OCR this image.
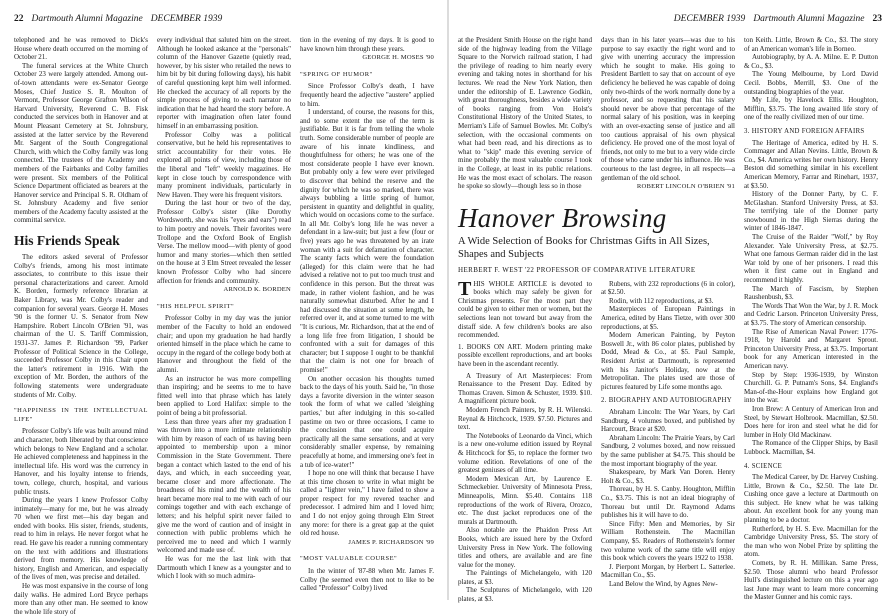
22 Dartmouth Alumni Magazine DECEMBER 1939

telephoned and he was removed to Dick's House where death occurred on the morning of October 21.

The funeral services at the White Church October 23 were largely attended. Among out-of-town attendants were ex-Senator George Moses, Chief Justice S. R. Moulton of Vermont, Professor George Grafton Wilson of Harvard University, Reverend C. B. Fisk conducted the services both in Hanover and at Mount Pleasant Cemetery at St. Johnsbury, assisted at the latter service by the Reverend Mr. Sargent of the South Congregational Church, with which the Colby family was long connected. The trustees of the Academy and members of the Fairbanks and Colby families were present. Six members of the Political Science Department officiated as bearers at the Hanover service and Principal S. R. Oldham of St. Johnsbury Academy and five senior members of the Academy faculty assisted at the committal service.

His Friends Speak

The editors asked several of Professor Colby's friends, among his most intimate associates, to contribute to this issue their personal characterizations and career. Arnold K. Borden, formerly reference librarian at Baker Library, was Mr. Colby's reader and companion for several years. George H. Moses '90 is the former U. S. Senator from New Hampshire. Robert Lincoln O'Brien '91, was chairman of the U. S. Tariff Commission, 1931-37. James P. Richardson '99, Parker Professor of Political Science in the College, succeeded Professor Colby in this Chair upon the latter's retirement in 1916. With the exception of Mr. Borden, the authors of the following statements were undergraduate students of Mr. Colby.

"HAPPINESS IN THE INTELLECTUAL LIFE"

Professor Colby's life was built around mind and character, both liberated by that conscience which belongs to New England and a scholar. He achieved completeness and happiness in the intellectual life. His word was the currency in Hanover, and his loyalty intense to friends, town, college, church, hospital, and various public trusts.

During the years I knew Professor Colby intimately—many for me, but he was already 70 when we first met—his day began and ended with books. His sister, friends, students, read to him in relays. He never forgot what he read. He gave his reader a running commentary on the text with additions and illustrations derived from memory. His knowledge of history, English and American, and especially of the lives of men, was precise and detailed.

He was most expansive in the course of long daily walks. He admired Lord Bryce perhaps more than any other man. He seemed to know the whole life story of

every individual that saluted him on the street. Although he looked askance at the "personals" column of the Hanover Gazette (quietly read, however, by his sister who retailed the news to him bit by bit during following days), his habit of careful questioning kept him well informed. He checked the accuracy of all reports by the simple process of giving to each narrator no indication that he had heard the story before. A reporter with imagination often later found himself in an embarrassing position.

Professor Colby was a political conservative, but he held his representatives to strict accountability for their votes. He explored all points of view, including those of the liberal and "left" weekly magazines. He kept in close touch by correspondence with many prominent individuals, particularly in New Haven. They were his frequent visitors.

During the last hour or two of the day, Professor Colby's sister (like Dorothy Wordsworth, she was his "eyes and ears") read to him poetry and novels. Their favorites were Trollope and the Oxford Book of English Verse. The mellow mood—with plenty of good humor and many stories—which then settled on the house at 3 Elm Street revealed the lesser known Professor Colby who had sincere affection for friends and community.

ARNOLD K. BORDEN

"HIS HELPFUL SPIRIT"

Professor Colby in my day was the junior member of the Faculty to hold an endowed chair; and upon my graduation he had hardly oriented himself in the place which he came to occupy in the regard of the college body both at Hanover and throughout the field of the alumni.

As an instructor he was more compelling than inspiring; and he seems to me to have fitted well into that phrase which has lately been applied to Lord Halifax: simple to the point of being a bit professorial.

Less than three years after my graduation I was thrown into a more intimate relationship with him by reason of each of us having been appointed to membership upon a minor Commission in the State Government. There began a contact which lasted to the end of his days, and which, in each succeeding year, became closer and more affectionate. The broadness of his mind and the wealth of his heart became more real to me with each of our comings together and with each exchange of letters; and his helpful spirit never failed to give me the word of caution and of insight in connection with public problems which he perceived me to need and which I warmly welcomed and made use of.

He was for me the last link with that Dartmouth which I knew as a youngster and to which I look with so much admira-

tion in the evening of my days. It is good to have known him through these years.

GEORGE H. MOSES '90

"SPRING OF HUMOR"

Since Professor Colby's death, I have frequently heard the adjective "austere" applied to him.

I understand, of course, the reasons for this, and to some extent the use of the term is justifiable. But it is far from telling the whole truth. Some considerable number of people are aware of his innate kindliness, and thoughtfulness for others; he was one of the most considerate people I have ever known. But probably only a few were ever privileged to discover that behind the reserve and the dignity for which he was so marked, there was always bubbling a little spring of humor, persistent in quantity and delightful in quality, which would on occasions come to the surface. In all Mr. Colby's long life he was never a defendant in a law-suit; but just a few (four or five) years ago he was threatened by an irate woman with a suit for defamation of character. The scanty facts which were the foundation (alleged) for this claim were that he had advised a relative not to put too much trust and confidence in this person. But the threat was made, in rather violent fashion, and he was naturally somewhat disturbed. After he and I had discussed the situation at some length, he referred over it, and at some turned to me with "It is curious, Mr. Richardson, that at the end of a long life free from litigation, I should be confronted with a suit for damages of this character; but I suppose I ought to be thankful that the claim is not one for breach of promise!"

On another occasion his thoughts turned back to the days of his youth. Said he, "in those days a favorite diversion in the winter season took the form of what we called 'sleighing parties,' but after indulging in this so-called pastime on two or three occasions, I came to the conclusion that one could acquire practically all the same sensations, and at very considerably smaller expense, by remaining peacefully at home, and immersing one's feet in a tub of ice-water!"

I hope no one will think that because I have at this time chosen to write in what might be called a "lighter vein," I have failed to show a proper respect for my revered teacher and predecessor. I admired him and I loved him; and I do not enjoy going through Elm Street any more: for there is a great gap at the quiet old red house.

JAMES P. RICHARDSON '99

"MOST VALUABLE COURSE"

In the winter of '87-88 when Mr. James F. Colby (he seemed even then not to like to be called "Professor" Colby) lived

DECEMBER 1939 Dartmouth Alumni Magazine 23

at the President Smith House on the right hand side of the highway leading from the Village Square to the Norwich railroad station, I had the privilege of reading to him nearly every evening and taking notes in shorthand for his lectures. We read the New York Nation, then under the editorship of E. Lawrence Godkin, with great thoroughness, besides a wide variety of books ranging from Von Holst's Constitutional History of the United States, to Merriam's Life of Samuel Bowles. Mr. Colby's selection, with the occasional comments on what had been read, and his directions as to what to "skip" made this evening service of mine probably the most valuable course I took in the College, at least in its public relations. He was the most exact of scholars. The reason he spoke so slowly—though less so in those

days than in his later years—was due to his purpose to say exactly the right word and to give with unerring accuracy the impression which he sought to make. His going to President Bartlett to say that on account of eye deficiency he believed he was capable of doing only two-thirds of the work normally done by a professor, and so requesting that his salary should never be above that percentage of the normal salary of his position, was in keeping with an over-exacting sense of justice and all too cautious appraisal of his own physical deficiency. He proved one of the most loyal of friends, not only to me but to a very wide circle of those who came under his influence. He was courteous to the last degree, in all respects—a gentleman of the old school.

ROBERT LINCOLN O'BRIEN '91

Hanover Browsing

A Wide Selection of Books for Christmas Gifts in All Sizes, Shapes and Subjects

HERBERT F. WEST '22 PROFESSOR OF COMPARATIVE LITERATURE

THIS WHOLE ARTICLE is devoted to books which may safely be given for Christmas presents. For the most part they could be given to either men or women, but the selections lean not toward but away from the distaff side. A few children's books are also recommended.

1. BOOKS ON ART. Modern printing make possible excellent reproductions, and art books have been in the ascendant recently.

A Treasury of Art Masterpieces: From Renaissance to the Present Day. Edited by Thomas Craven. Simon & Schuster, 1939. $10. A magnificent picture book.

Modern French Painters, by R. H. Wilenski. Reynal & Hitchcock, 1939. $7.50. Pictures and text.

The Notebooks of Leonardo da Vinci, which is a new one-volume edition issued by Reynal & Hitchcock for $5, to replace the former two volume edition. Revelations of one of the greatest geniuses of all time.

Modern Mexican Art, by Laurence E. Schmeckebier. University of Minnesota Press, Minneapolis, Minn. $5.40. Contains 118 reproductions of the work of Rivera, Orozco, etc. The dust jacket reproduces one of the murals at Dartmouth.

Also notable are the Phaidon Press Art Books, which are issued here by the Oxford University Press in New York. The following titles and others, are available and are fine value for the money.

The Paintings of Michelangelo, with 120 plates, at $3.

The Sculptures of Michelangelo, with 120 plates, at $3.

Rubens, with 232 reproductions (6 in color), at $2.50.

Rodin, with 112 reproductions, at $3.

Masterpieces of European Paintings in America, edited by Hans Tietze, with over 300 reproductions, at $5.

Modern American Painting, by Peyton Boswell Jr., with 86 color plates, published by Dodd, Mead & Co., at $5. Paul Sample, Resident Artist at Dartmouth, is represented with his Janitor's Holiday, now at the Metropolitan. The plates used are those of pictures featured by Life some months ago.

2. BIOGRAPHY AND AUTOBIOGRAPHY

Abraham Lincoln: The War Years, by Carl Sandburg, 4 volumes boxed, and published by Harcourt, Brace at $20.

Abraham Lincoln: The Prairie Years, by Carl Sandburg, 2 volumes boxed, and now reissued by the same publisher at $4.75. This should be the most important biography of the year.

Shakespeare, by Mark Van Doren. Henry Holt & Co., $3.

Thoreau, by H. S. Canby. Houghton, Mifflin Co., $3.75. This is not an ideal biography of Thoreau but until Dr. Raymond Adams publishes his it will have to do.

Since Fifty: Men and Memories, by Sir William Rothenstein. The Macmillan Company, $5. Readers of Rothenstein's former two volume work of the same title will enjoy this book which covers the years 1922 to 1938.

J. Pierpont Morgan, by Herbert L. Satterlee. Macmillan Co., $5.

Land Below the Wind, by Agnes New-

ton Keith. Little, Brown & Co., $3. The story of an American woman's life in Borneo.

Autobiography, by A. A. Milne. E. P. Dutton & Co., $3.

The Young Melbourne, by Lord David Cecil. Bobbs, Merrill, $3. One of the outstanding biographies of the year.

My Life, by Havelock Ellis. Houghton, Mifflin, $3.75. The long awaited life story of one of the really civilized men of our time.

3. HISTORY AND FOREIGN AFFAIRS

The Heritage of America, edited by H. S. Commager and Allan Nevins. Little, Brown & Co., $4. America writes her own history. Henry Beston did something similar in his excellent American Memory, Farrar and Rinehart, 1937, at $3.50.

History of the Donner Party, by C. F. McGlashan. Stanford University Press, at $3. The terrifying tale of the Donner party snowbound in the High Sierras during the winter of 1846-1847.

The Cruise of the Raider "Wolf," by Roy Alexander. Yale University Press, at $2.75. What one famous German raider did in the last War told by one of her prisoners. I read this when it first came out in England and recommend it highly.

The March of Fascism, by Stephen Raushenbush, $3.

The Words That Won the War, by J. R. Mock and Cedric Larson. Princeton University Press, at $3.75. The story of American censorship.

The Rise of American Naval Power: 1776-1918, by Harold and Margaret Sprout. Princeton University Press, at $3.75. Important book for any American interested in the American navy.

Step by Step: 1936-1939, by Winston Churchill. G. P. Putnam's Sons, $4. England's Man-of-the-Hour explains how England got into the war.

Iron Brew: A Century of American Iron and Steel, by Stewart Holbrook. Macmillan, $2.50. Does here for iron and steel what he did for lumber in Holy Old Mackinaw.

The Romance of the Clipper Ships, by Basil Lubbock. Macmillan, $4.

4. SCIENCE

The Medical Career, by Dr. Harvey Cushing. Little, Brown & Co., $2.50. The late Dr. Cushing once gave a lecture at Dartmouth on this subject. He knew what he was talking about. An excellent book for any young man planning to be a doctor.

Rutherford, by H. S. Eve. Macmillan for the Cambridge University Press, $5. The story of the man who won Nobel Prize by splitting the atom.

Comets, by R. H. Millikan. Same Press, $2.50. Those alumni who heard Professor Hull's distinguished lecture on this a year ago last June may want to learn more concerning the Master Gunner and his comic rays.
